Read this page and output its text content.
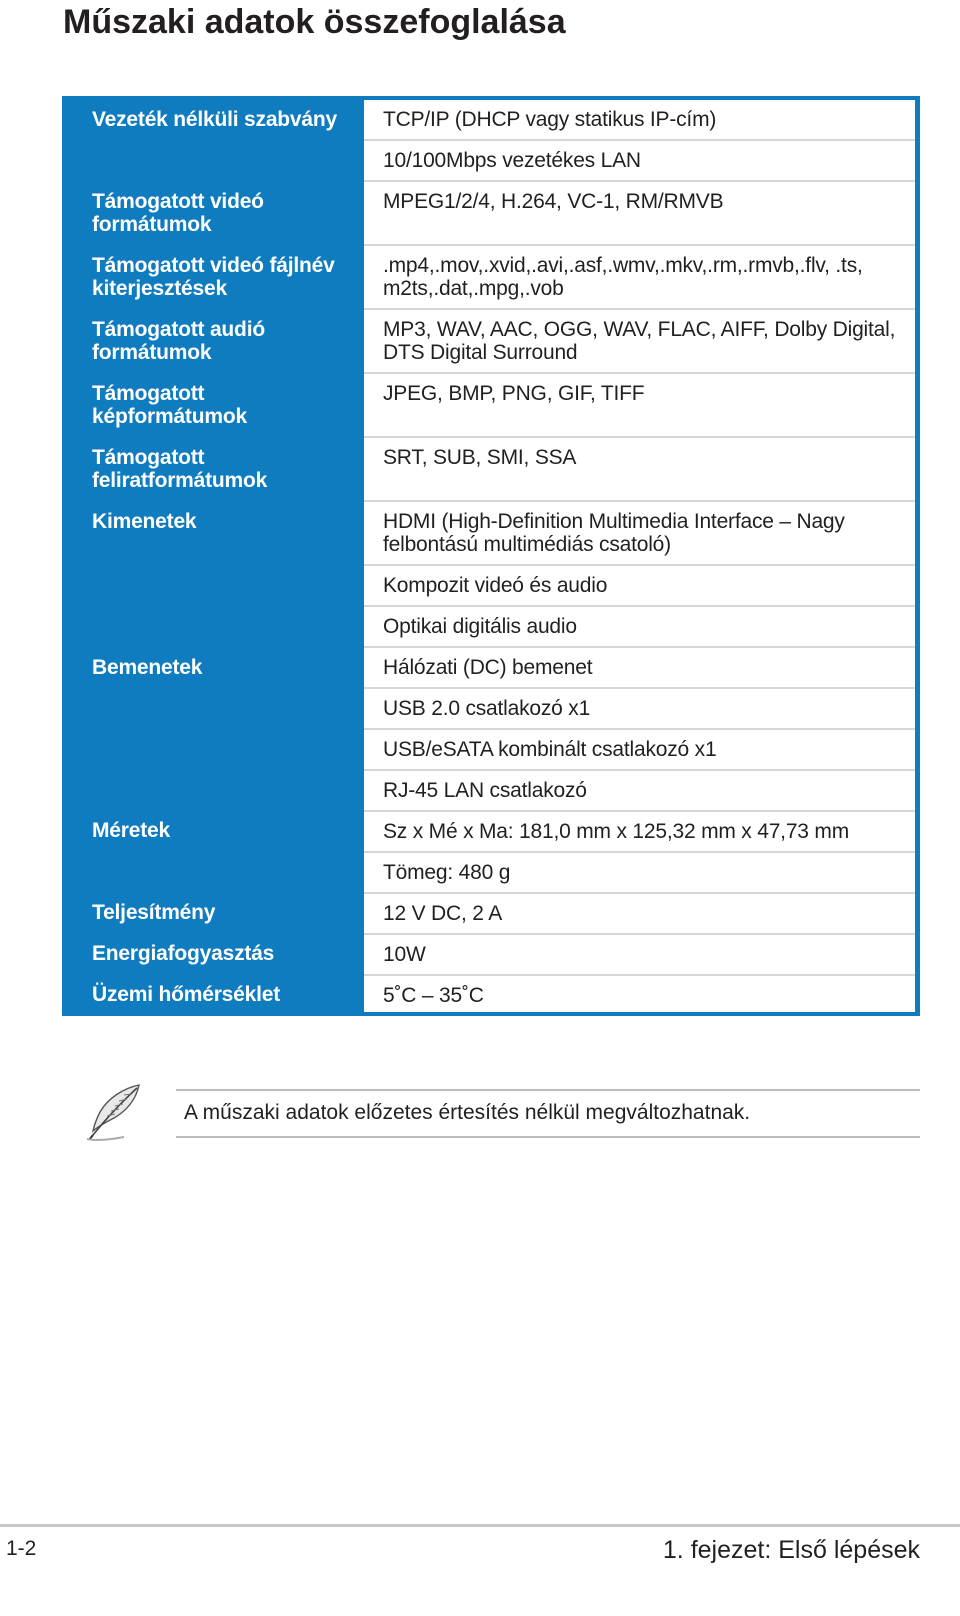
Műszaki adatok összefoglalása
Vezeték nélküli szabvány
Támogatott videó formátumok
Támogatott videó fájlnév kiterjesztések
Támogatott audió formátumok
Támogatott képformátumok
Támogatott feliratformátumok
Kimenetek
Bemenetek
Méretek
Teljesítmény
Energiafogyasztás
Üzemi hőmérséklet
TCP/IP (DHCP vagy statikus IP-cím)
10/100Mbps vezetékes LAN
MPEG1/2/4, H.264, VC-1, RM/RMVB
.mp4,.mov,.xvid,.avi,.asf,.wmv,.mkv,.rm,.rmvb,.flv, .ts, m2ts,.dat,.mpg,.vob
MP3, WAV, AAC, OGG, WAV, FLAC, AIFF, Dolby Digital, DTS Digital Surround
JPEG, BMP, PNG, GIF, TIFF
SRT, SUB, SMI, SSA
HDMI (High-Definition Multimedia Interface – Nagy felbontású multimédiás csatoló)
Kompozit videó és audio
Optikai digitális audio
Hálózati (DC) bemenet
USB 2.0 csatlakozó x1
USB/eSATA kombinált csatlakozó x1
RJ-45 LAN csatlakozó
Sz x Mé x Ma: 181,0 mm x 125,32 mm x 47,73 mm
Tömeg: 480 g
12 V DC, 2 A
10W
5˚C – 35˚C
A műszaki adatok előzetes értesítés nélkül megváltozhatnak.
1-2	1. fejezet: Első lépések
